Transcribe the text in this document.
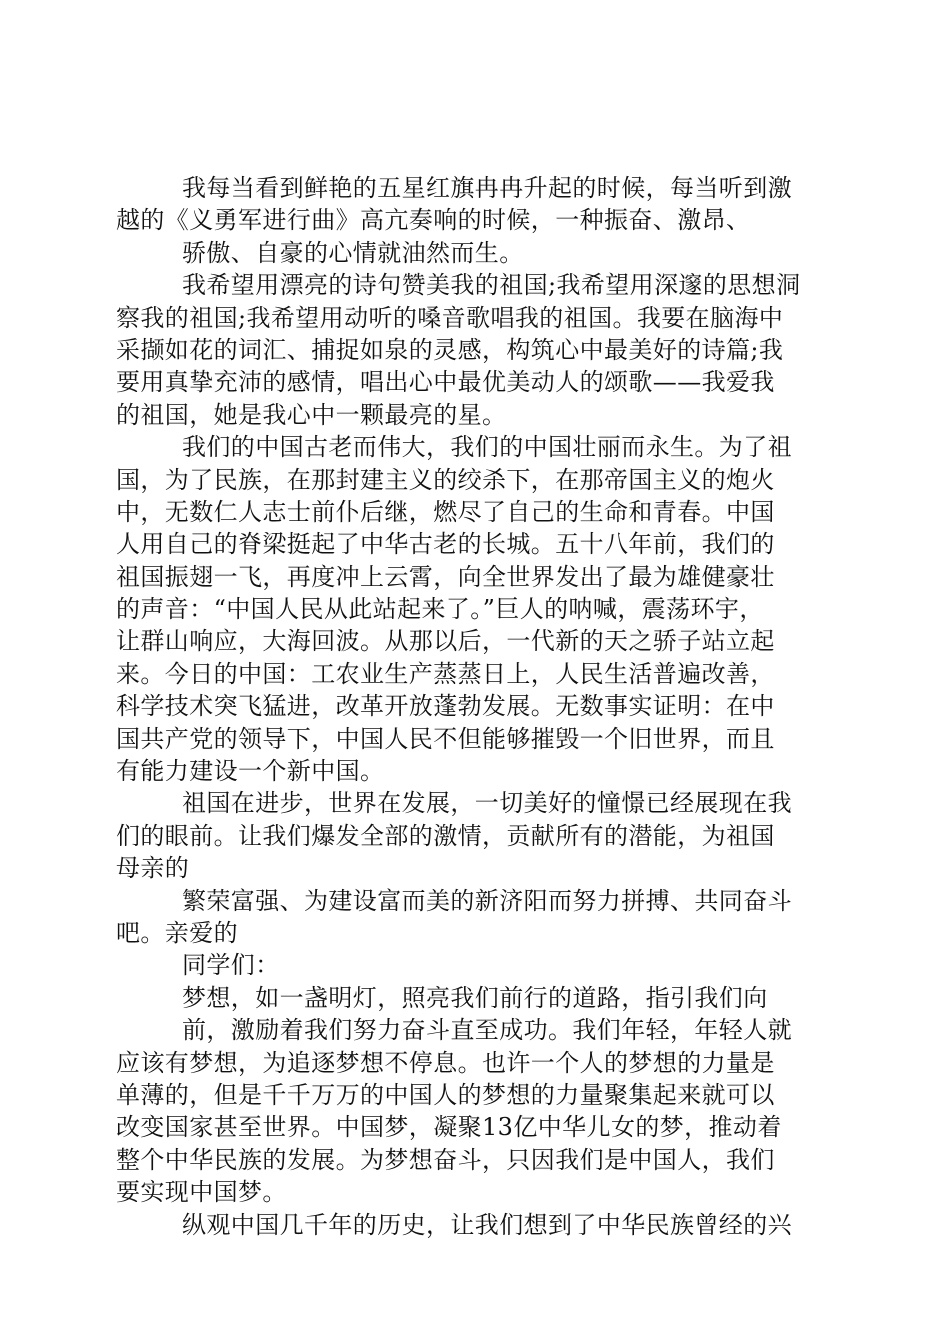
我每当看到鲜艳的五星红旗冉冉升起的时候，每当听到激
越的《义勇军进行曲》高亢奏响的时候，一种振奋、激昂、
骄傲、自豪的心情就油然而生。
我希望用漂亮的诗句赞美我的祖国;我希望用深邃的思想洞
察我的祖国;我希望用动听的嗓音歌唱我的祖国。我要在脑海中
采撷如花的词汇、捕捉如泉的灵感，构筑心中最美好的诗篇;我
要用真挚充沛的感情，唱出心中最优美动人的颂歌——我爱我
的祖国，她是我心中一颗最亮的星。
我们的中国古老而伟大，我们的中国壮丽而永生。为了祖
国，为了民族，在那封建主义的绞杀下，在那帝国主义的炮火
中，无数仁人志士前仆后继，燃尽了自己的生命和青春。中国
人用自己的脊梁挺起了中华古老的长城。五十八年前，我们的
祖国振翅一飞，再度冲上云霄，向全世界发出了最为雄健豪壮
的声音：“中国人民从此站起来了。”巨人的呐喊，震荡环宇，
让群山响应，大海回波。从那以后，一代新的天之骄子站立起
来。今日的中国：工农业生产蒸蒸日上，人民生活普遍改善，
科学技术突飞猛进，改革开放蓬勃发展。无数事实证明：在中
国共产党的领导下，中国人民不但能够摧毁一个旧世界，而且
有能力建设一个新中国。
祖国在进步，世界在发展，一切美好的憧憬已经展现在我
们的眼前。让我们爆发全部的激情，贡献所有的潜能，为祖国
母亲的
繁荣富强、为建设富而美的新济阳而努力拼搏、共同奋斗
吧。亲爱的
同学们：
梦想，如一盏明灯，照亮我们前行的道路，指引我们向
前，激励着我们努力奋斗直至成功。我们年轻，年轻人就
应该有梦想，为追逐梦想不停息。也许一个人的梦想的力量是
单薄的，但是千千万万的中国人的梦想的力量聚集起来就可以
改变国家甚至世界。中国梦，凝聚13亿中华儿女的梦，推动着
整个中华民族的发展。为梦想奋斗，只因我们是中国人，我们
要实现中国梦。
纵观中国几千年的历史，让我们想到了中华民族曾经的兴
